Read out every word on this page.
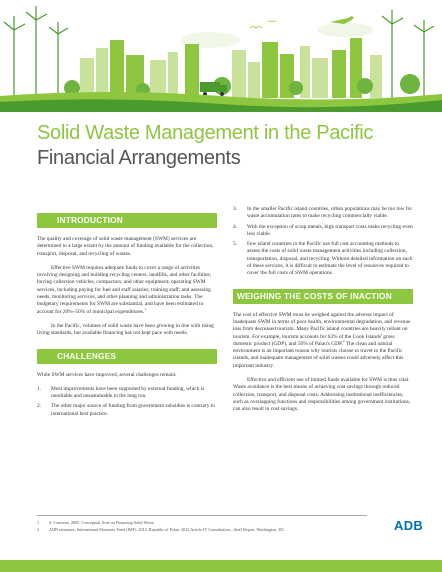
Solid Waste Management in the Pacific
Financial Arrangements
INTRODUCTION

The quality and coverage of solid waste management (SWM) services are determined to a large extent by the amount of funding available for the collection, transport, disposal, and recycling of wastes.

Effective SWM requires adequate funds to cover a range of activities involving designing and building recycling centers, landfills, and other facilities; buying collection vehicles, compactors, and other equipment; operating SWM services, including paying for fuel and staff salaries; training staff; and assessing needs, monitoring services, and other planning and administration tasks. The budgetary requirements for SWM are substantial, and have been estimated to account for 20%–50% of municipal expenditures.$^1$

In the Pacific, volumes of solid waste have been growing in line with rising living standards, but available financing has not kept pace with needs.

CHALLENGES

While SWM services have improved, several challenges remain:

1. Most improvements have been supported by external funding, which is unreliable and unsustainable in the long run.
2. The other major source of funding from government subsidies is contrary to international best practice.
3. In the smaller Pacific island countries, urban populations may be too low for waste accumulation rates to make recycling commercially viable.
4. With the exception of scrap metals, high transport costs make recycling even less viable.
5. Few island countries in the Pacific use full cost accounting methods to assess the costs of solid waste management activities including collection, transportation, disposal, and recycling. Without detailed information on each of these services, it is difficult to estimate the level of resources required to cover the full costs of SWM operations.
WEIGHING THE COSTS OF INACTION

The cost of effective SWM must be weighed against the adverse impact of inadequate SWM in terms of poor health, environmental degradation, and revenue loss from decreased tourism. Many Pacific island countries are heavily reliant on tourism. For example, tourism accounts for 63% of the Cook Islands' gross domestic product (GDP), and 50% of Palau's GDP.$^2$ The clean and natural environment is an important reason why tourists choose to travel to the Pacific islands, and inadequate management of solid wastes could adversely affect this important industry.

Effective and efficient use of limited funds available for SWM is thus vital. Waste avoidance is the best means of achieving cost savings through reduced collection, transport, and disposal costs. Addressing institutional inefficiencies, such as overlapping functions and responsibilities among government institutions, can also result in cost savings.

1 S. Contreau. 2005. Conceptual Note on Financing Solid Waste.
2 ADB estimates; International Monetary Fund (IMF). 2012. Republic of Palau: 2012 Article IV Consultation—Staff Report. Washington, DC.	ADB
